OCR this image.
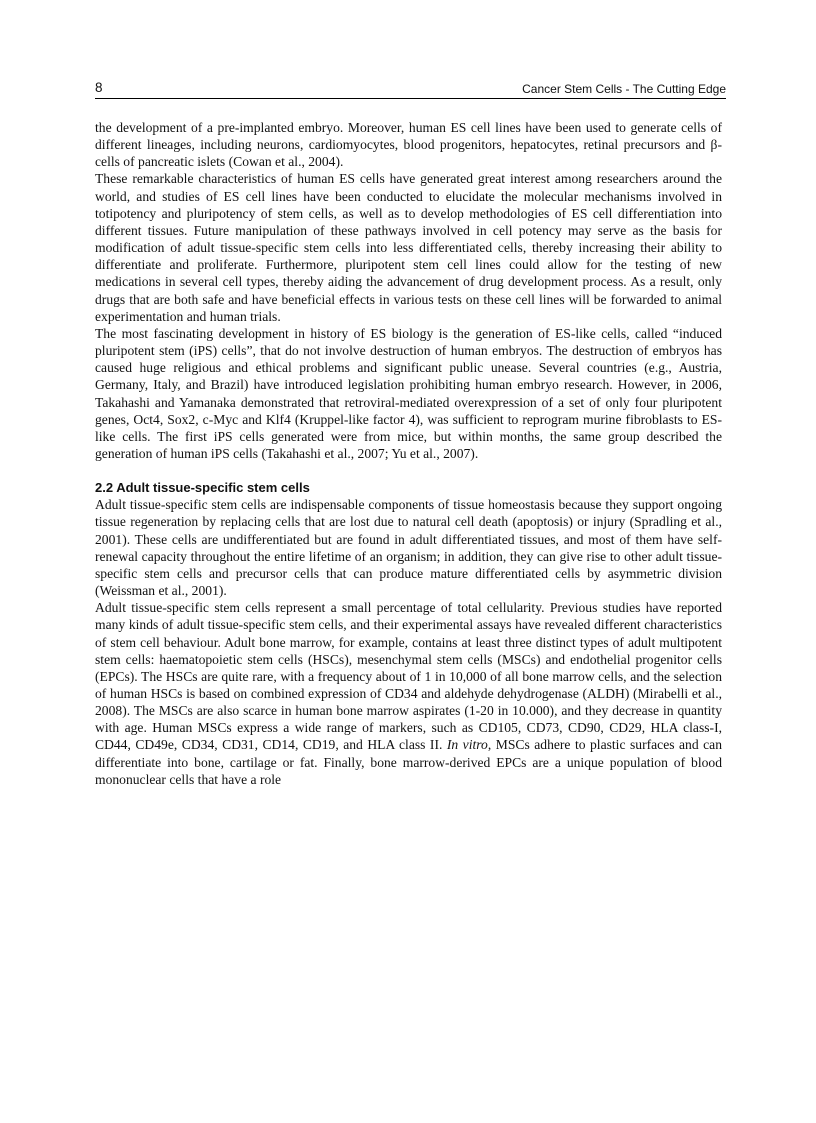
8	Cancer Stem Cells - The Cutting Edge

the development of a pre-implanted embryo. Moreover, human ES cell lines have been used to generate cells of different lineages, including neurons, cardiomyocytes, blood progenitors, hepatocytes, retinal precursors and β-cells of pancreatic islets (Cowan et al., 2004).

These remarkable characteristics of human ES cells have generated great interest among researchers around the world, and studies of ES cell lines have been conducted to elucidate the molecular mechanisms involved in totipotency and pluripotency of stem cells, as well as to develop methodologies of ES cell differentiation into different tissues. Future manipulation of these pathways involved in cell potency may serve as the basis for modification of adult tissue-specific stem cells into less differentiated cells, thereby increasing their ability to differentiate and proliferate. Furthermore, pluripotent stem cell lines could allow for the testing of new medications in several cell types, thereby aiding the advancement of drug development process. As a result, only drugs that are both safe and have beneficial effects in various tests on these cell lines will be forwarded to animal experimentation and human trials.

The most fascinating development in history of ES biology is the generation of ES-like cells, called “induced pluripotent stem (iPS) cells”, that do not involve destruction of human embryos. The destruction of embryos has caused huge religious and ethical problems and significant public unease. Several countries (e.g., Austria, Germany, Italy, and Brazil) have introduced legislation prohibiting human embryo research. However, in 2006, Takahashi and Yamanaka demonstrated that retroviral-mediated overexpression of a set of only four pluripotent genes, Oct4, Sox2, c-Myc and Klf4 (Kruppel-like factor 4), was sufficient to reprogram murine fibroblasts to ES-like cells. The first iPS cells generated were from mice, but within months, the same group described the generation of human iPS cells (Takahashi et al., 2007; Yu et al., 2007).

2.2 Adult tissue-specific stem cells

Adult tissue-specific stem cells are indispensable components of tissue homeostasis because they support ongoing tissue regeneration by replacing cells that are lost due to natural cell death (apoptosis) or injury (Spradling et al., 2001). These cells are undifferentiated but are found in adult differentiated tissues, and most of them have self-renewal capacity throughout the entire lifetime of an organism; in addition, they can give rise to other adult tissue-specific stem cells and precursor cells that can produce mature differentiated cells by asymmetric division (Weissman et al., 2001).

Adult tissue-specific stem cells represent a small percentage of total cellularity. Previous studies have reported many kinds of adult tissue-specific stem cells, and their experimental assays have revealed different characteristics of stem cell behaviour. Adult bone marrow, for example, contains at least three distinct types of adult multipotent stem cells: haematopoietic stem cells (HSCs), mesenchymal stem cells (MSCs) and endothelial progenitor cells (EPCs). The HSCs are quite rare, with a frequency about of 1 in 10,000 of all bone marrow cells, and the selection of human HSCs is based on combined expression of CD34 and aldehyde dehydrogenase (ALDH) (Mirabelli et al., 2008). The MSCs are also scarce in human bone marrow aspirates (1-20 in 10.000), and they decrease in quantity with age. Human MSCs express a wide range of markers, such as CD105, CD73, CD90, CD29, HLA class-I, CD44, CD49e, CD34, CD31, CD14, CD19, and HLA class II. In vitro, MSCs adhere to plastic surfaces and can differentiate into bone, cartilage or fat. Finally, bone marrow-derived EPCs are a unique population of blood mononuclear cells that have a role
